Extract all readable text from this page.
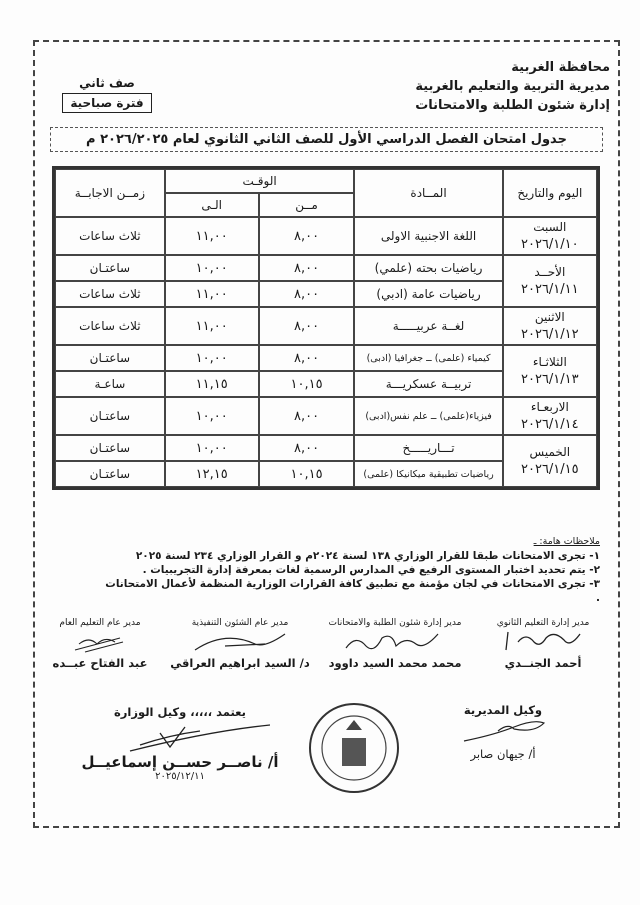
محافظة الغربية
مديرية التربية والتعليم بالغربية
إدارة شئون الطلبة والامتحانات
صف ثاني
فترة صباحية
جدول امتحان الفصل الدراسي الأول للصف الثاني الثانوي لعام ٢٠٢٦/٢٠٢٥ م
اليوم والتاريخ	المــادة	الوقـت		زمــن الاجابــة
		مــن	الـى	

السبت
٢٠٢٦/١/١٠	اللغة الاجنبية الاولى	٨,٠٠	١١,٠٠	ثلاث ساعات

الأحــد
٢٠٢٦/١/١١	رياضيات بحته (علمي)	٨,٠٠	١٠,٠٠	ساعتـان
	رياضيات عامة (ادبي)	٨,٠٠	١١,٠٠	ثلاث ساعات

الاثنين
٢٠٢٦/١/١٢	لغــة عربيـــــة	٨,٠٠	١١,٠٠	ثلاث ساعات

الثلاثـاء
٢٠٢٦/١/١٣	كيمياء (علمى) ــ جغرافيا (ادبى)	٨,٠٠	١٠,٠٠	ساعتـان
	تربيــة عسكريـــة	١٠,١٥	١١,١٥	ساعـة

الاربعـاء
٢٠٢٦/١/١٤	فيزياء(علمى) ــ علم نفس(ادبى)	٨,٠٠	١٠,٠٠	ساعتـان

الخميس
٢٠٢٦/١/١٥	تـــاريـــــخ	٨,٠٠	١٠,٠٠	ساعتـان
	رياضيات تطبيقية ميكانيكا (علمى)	١٠,١٥	١٢,١٥	ساعتـان
ملاحظات هامة: ـ
١- تجرى الامتحانات طبقا للقرار الوزاري ١٣٨ لسنة ٢٠٢٤م و القرار الوزاري ٢٣٤ لسنة ٢٠٢٥
٢- يتم تحديد اختبار المستوى الرفيع في المدارس الرسمية لغات بمعرفة إدارة التجريبيات .
٣- تجرى الامتحانات في لجان مؤمنة مع تطبيق كافة القرارات الوزارية المنظمة لأعمال الامتحانات .
مدير إدارة التعليم الثانوي
أحمد الجنــدي
مدير إدارة شئون الطلبة والامتحانات
محمد محمد السيد داوود
مدير عام الشئون التنفيذية
د/ السيد ابراهيم العراقي
مدير عام التعليم العام
عبد الفتاح عبــده
وكيل المديرية
أ/ جيهان صابر
يعتمد ،،،،، وكيل الوزارة
أ/ ناصــر حســن إسماعيــل
٢٠٢٥/١٢/١١
